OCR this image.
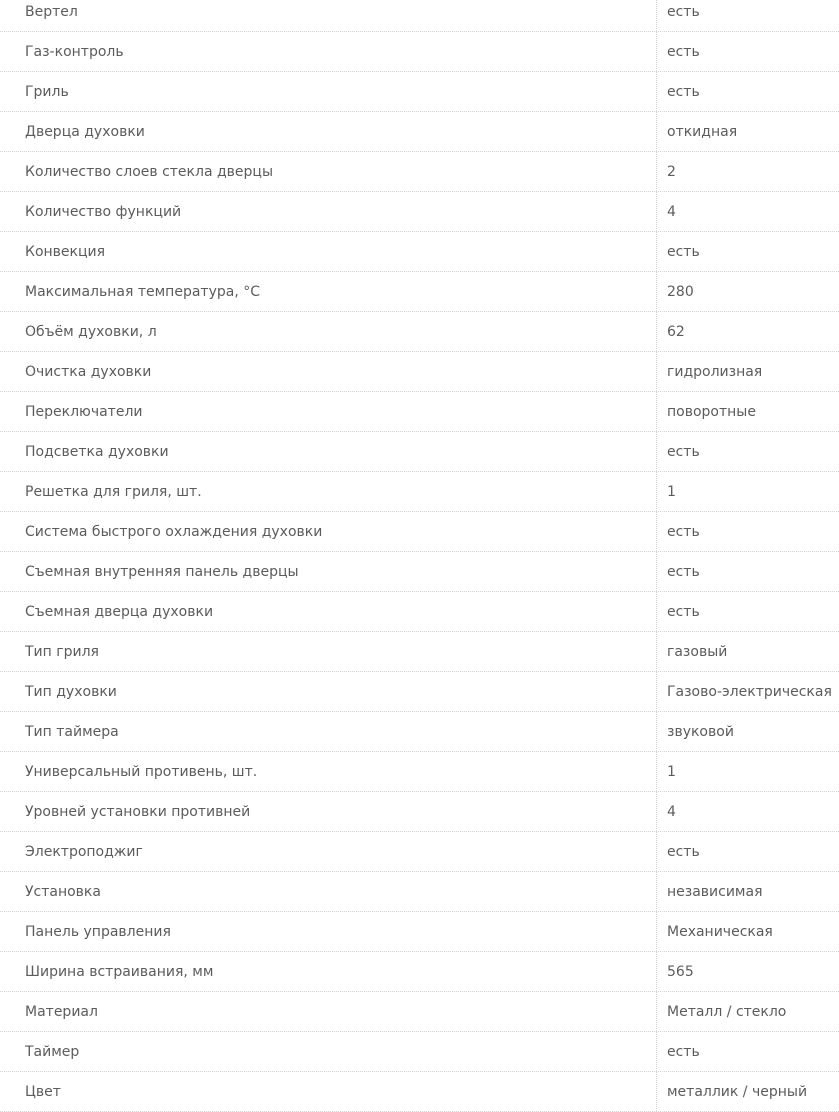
Вертел	есть
Газ-контроль	есть
Гриль	есть
Дверца духовки	откидная
Количество слоев стекла дверцы	2
Количество функций	4
Конвекция	есть
Максимальная температура, °С	280
Объём духовки, л	62
Очистка духовки	гидролизная
Переключатели	поворотные
Подсветка духовки	есть
Решетка для гриля, шт.	1
Система быстрого охлаждения духовки	есть
Съемная внутренняя панель дверцы	есть
Съемная дверца духовки	есть
Тип гриля	газовый
Тип духовки	Газово-электрическая
Тип таймера	звуковой
Универсальный противень, шт.	1
Уровней установки противней	4
Электроподжиг	есть
Установка	независимая
Панель управления	Механическая
Ширина встраивания, мм	565
Материал	Металл / стекло
Таймер	есть
Цвет	металлик / черный
